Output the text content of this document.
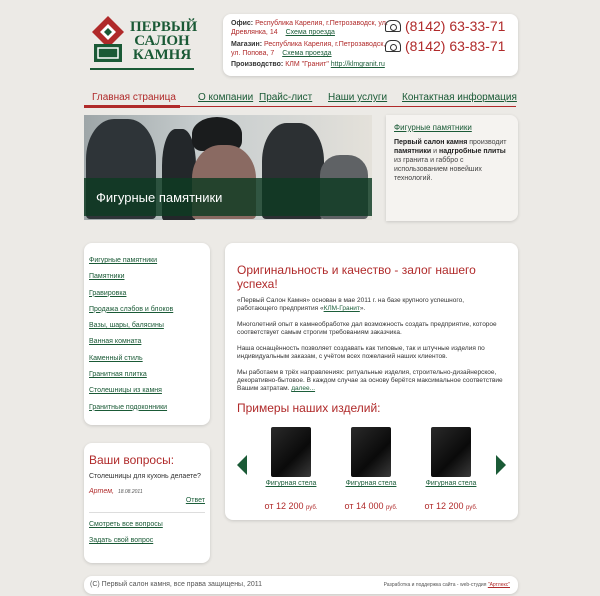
ПЕРВЫЙ
САЛОН
КАМНЯ
Офис: Республика Карелия, г.Петрозаводск, ул. Древлянка, 14 Схема проезда	(8142) 63-33-71
Магазин: Республика Карелия, г.Петрозаводск, ул. Попова, 7 Схема проезда	(8142) 63-83-71
Производство: КЛМ "Гранит" http://klmgranit.ru
Главная страница О компании Прайс-лист Наши услуги Контактная информация
Фигурные памятники
Фигурные памятники

Первый салон камня производит памятники и надгробные плиты из гранита и габбро с использованием новейших технологий.

Фигурные памятники
Памятники
Гравировка
Продажа слэбов и блоков
Вазы, шары, балясины
Ванная комната
Каменный стиль
Гранитная плитка
Столешницы из камня
Гранитные подоконники
Ваши вопросы:
Столешницы для кухонь делаете?
Артем, 18.08.2011
Ответ
Смотреть все вопросы
Задать свой вопрос
Оригинальность и качество - залог нашего успеха!

«Первый Салон Камня» основан в мае 2011 г. на базе крупного успешного, работающего предприятия «КЛМ-Гранит».

Многолетний опыт в камнеобработке дал возможность создать предприятие, которое соответствует самым строгим требованиям заказчика.

Наша оснащённость позволяет создавать как типовые, так и штучные изделия по индивидуальным заказам, с учётом всех пожеланий наших клиентов.

Мы работаем в трёх направлениях: ритуальные изделия, строительно-дизайнерское, декоративно-бытовое. В каждом случае за основу берётся максимальное соответствие Вашим затратам. далее...

Примеры наших изделий:
Фигурная стела
от 12 200 руб.
Фигурная стела
от 14 000 руб.
Фигурная стела
от 12 200 руб.
(С) Первый салон камня, все права защищены, 2011	Разработка и поддержка сайта - web-студия "Артлекс"
